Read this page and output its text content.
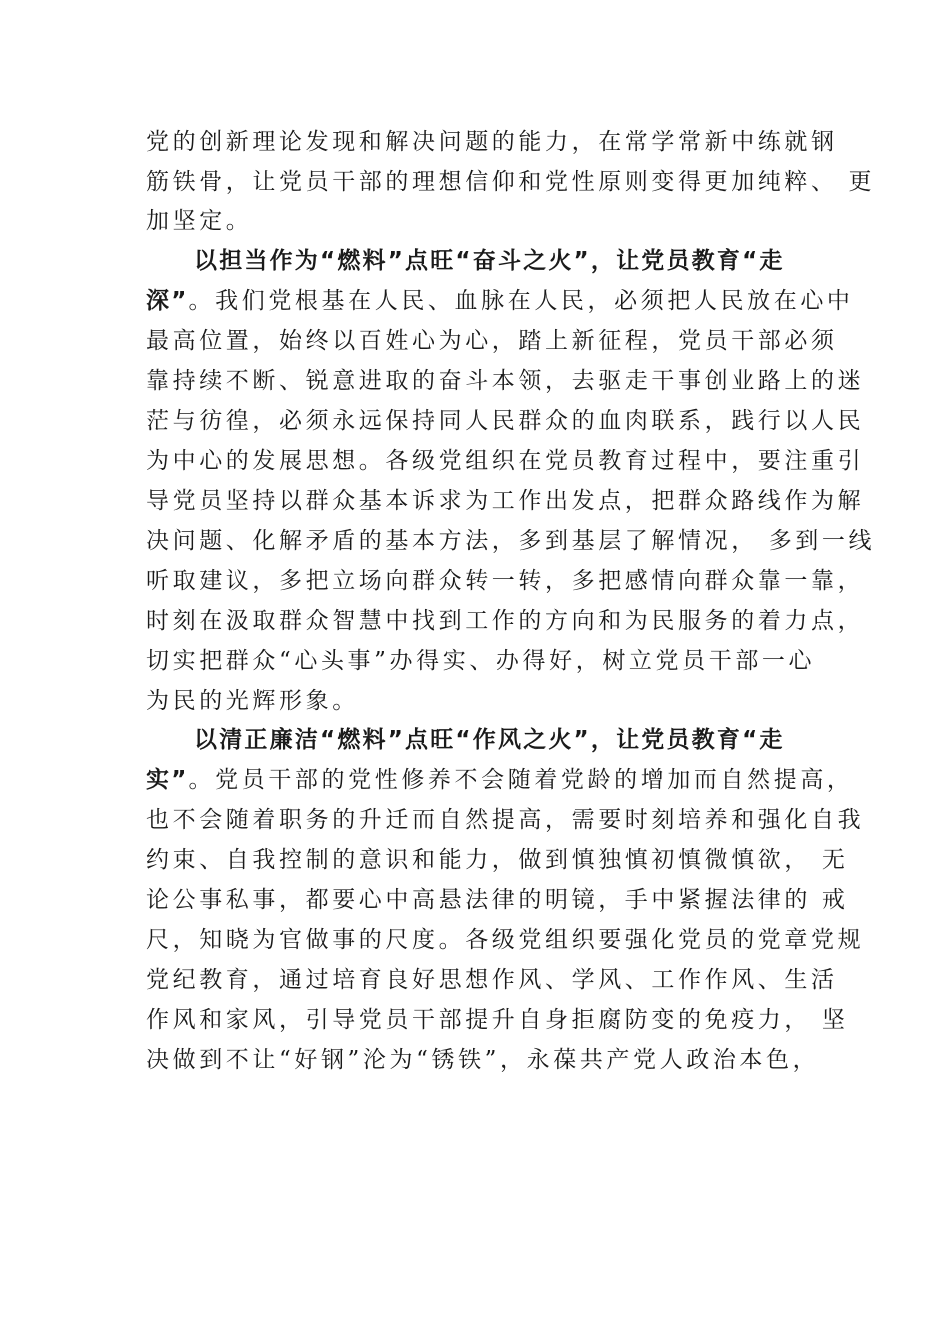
党的创新理论发现和解决问题的能力，在常学常新中练就钢
筋铁骨，让党员干部的理想信仰和党性原则变得更加纯粹、 更
加坚定。
以担当作为“燃料”点旺“奋斗之火”，让党员教育“走
深”。我们党根基在人民、血脉在人民，必须把人民放在心中
最高位置，始终以百姓心为心，踏上新征程，党员干部必须
靠持续不断、锐意进取的奋斗本领，去驱走干事创业路上的迷
茫与彷徨，必须永远保持同人民群众的血肉联系，践行以人民
为中心的发展思想。各级党组织在党员教育过程中，要注重引
导党员坚持以群众基本诉求为工作出发点，把群众路线作为解
决问题、化解矛盾的基本方法，多到基层了解情况， 多到一线
听取建议，多把立场向群众转一转，多把感情向群众靠一靠，
时刻在汲取群众智慧中找到工作的方向和为民服务的着力点，
切实把群众“心头事”办得实、办得好，树立党员干部一心
为民的光辉形象。
以清正廉洁“燃料”点旺“作风之火”，让党员教育“走
实”。党员干部的党性修养不会随着党龄的增加而自然提高，
也不会随着职务的升迁而自然提高，需要时刻培养和强化自我
约束、自我控制的意识和能力，做到慎独慎初慎微慎欲， 无
论公事私事，都要心中高悬法律的明镜，手中紧握法律的 戒
尺，知晓为官做事的尺度。各级党组织要强化党员的党章党规
党纪教育，通过培育良好思想作风、学风、工作作风、生活
作风和家风，引导党员干部提升自身拒腐防变的免疫力， 坚
决做到不让“好钢”沦为“锈铁”，永葆共产党人政治本色，
